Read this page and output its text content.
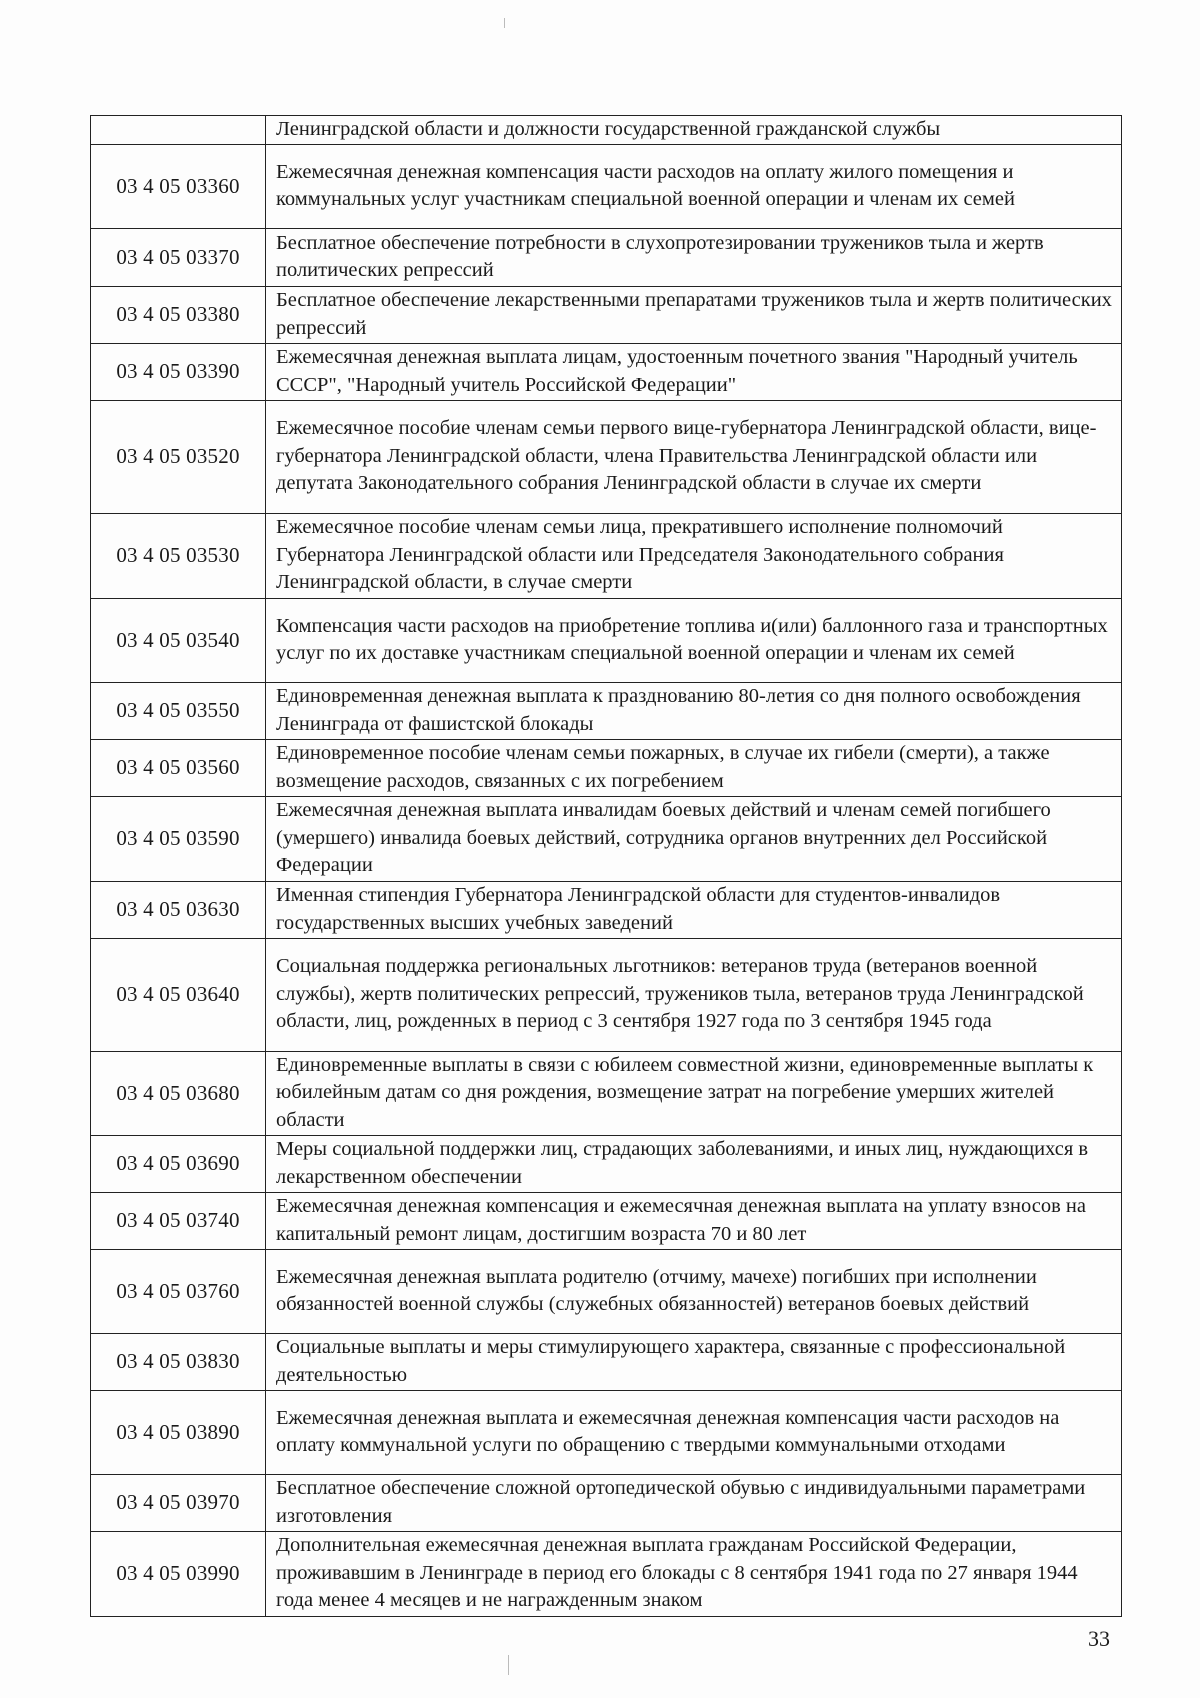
	Ленинградской области и должности государственной гражданской службы
03 4 05 03360	Ежемесячная денежная компенсация части расходов на оплату жилого помещения и коммунальных услуг участникам специальной военной операции и членам их семей
03 4 05 03370	Бесплатное обеспечение потребности в слухопротезировании тружеников тыла и жертв политических репрессий
03 4 05 03380	Бесплатное обеспечение лекарственными препаратами тружеников тыла и жертв политических репрессий
03 4 05 03390	Ежемесячная денежная выплата лицам, удостоенным почетного звания "Народный учитель СССР", "Народный учитель Российской Федерации"
03 4 05 03520	Ежемесячное пособие членам семьи первого вице-губернатора Ленинградской области, вице-губернатора Ленинградской области, члена Правительства Ленинградской области или депутата Законодательного собрания Ленинградской области в случае их смерти
03 4 05 03530	Ежемесячное пособие членам семьи лица, прекратившего исполнение полномочий Губернатора Ленинградской области или Председателя Законодательного собрания Ленинградской области, в случае смерти
03 4 05 03540	Компенсация части расходов на приобретение топлива и(или) баллонного газа и транспортных услуг по их доставке участникам специальной военной операции и членам их семей
03 4 05 03550	Единовременная денежная выплата к празднованию 80-летия со дня полного освобождения Ленинграда от фашистской блокады
03 4 05 03560	Единовременное пособие членам семьи пожарных, в случае их гибели (смерти), а также возмещение расходов, связанных с их погребением
03 4 05 03590	Ежемесячная денежная выплата инвалидам боевых действий и членам семей погибшего (умершего) инвалида боевых действий, сотрудника органов внутренних дел Российской Федерации
03 4 05 03630	Именная стипендия Губернатора Ленинградской области для студентов-инвалидов государственных высших учебных заведений
03 4 05 03640	Социальная поддержка региональных льготников: ветеранов труда (ветеранов военной службы), жертв политических репрессий, тружеников тыла, ветеранов труда Ленинградской области, лиц, рожденных в период с 3 сентября 1927 года по 3 сентября 1945 года
03 4 05 03680	Единовременные выплаты в связи с юбилеем совместной жизни, единовременные выплаты к юбилейным датам со дня рождения, возмещение затрат на погребение умерших жителей области
03 4 05 03690	Меры социальной поддержки лиц, страдающих заболеваниями, и иных лиц, нуждающихся в лекарственном обеспечении
03 4 05 03740	Ежемесячная денежная компенсация и ежемесячная денежная выплата на уплату взносов на капитальный ремонт лицам, достигшим возраста 70 и 80 лет
03 4 05 03760	Ежемесячная денежная выплата родителю (отчиму, мачехе) погибших при исполнении обязанностей военной службы (служебных обязанностей) ветеранов боевых действий
03 4 05 03830	Социальные выплаты и меры стимулирующего характера, связанные с профессиональной деятельностью
03 4 05 03890	Ежемесячная денежная выплата и ежемесячная денежная компенсация части расходов на оплату коммунальной услуги по обращению с твердыми коммунальными отходами
03 4 05 03970	Бесплатное обеспечение сложной ортопедической обувью с индивидуальными параметрами изготовления
03 4 05 03990	Дополнительная ежемесячная денежная выплата гражданам Российской Федерации, проживавшим в Ленинграде в период его блокады с 8 сентября 1941 года по 27 января 1944 года менее 4 месяцев и не награжденным знаком
33
